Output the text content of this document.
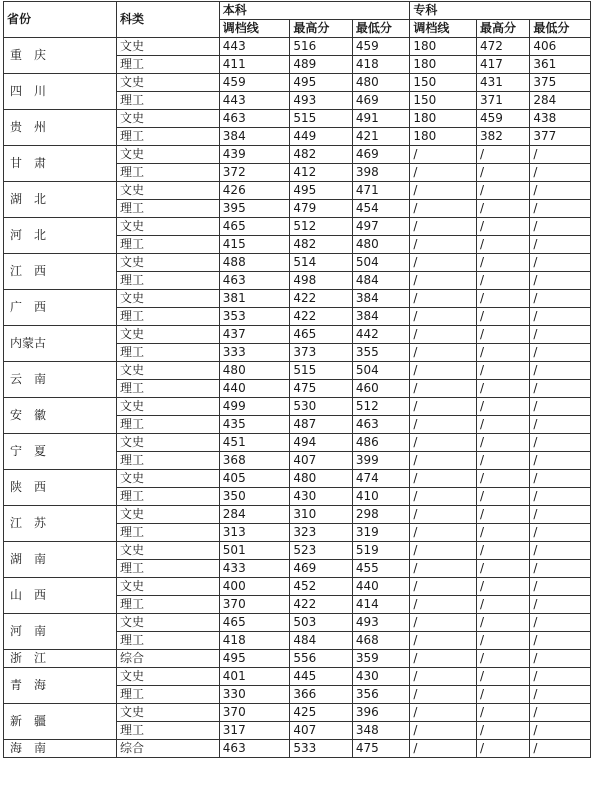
省份	科类	本科			专科		
		调档线	最高分	最低分	调档线	最高分	最低分
重　庆	文史	443	516	459	180	472	406
	理工	411	489	418	180	417	361
四　川	文史	459	495	480	150	431	375
	理工	443	493	469	150	371	284
贵　州	文史	463	515	491	180	459	438
	理工	384	449	421	180	382	377
甘　肃	文史	439	482	469	/	/	/
	理工	372	412	398	/	/	/
湖　北	文史	426	495	471	/	/	/
	理工	395	479	454	/	/	/
河　北	文史	465	512	497	/	/	/
	理工	415	482	480	/	/	/
江　西	文史	488	514	504	/	/	/
	理工	463	498	484	/	/	/
广　西	文史	381	422	384	/	/	/
	理工	353	422	384	/	/	/
内蒙古	文史	437	465	442	/	/	/
	理工	333	373	355	/	/	/
云　南	文史	480	515	504	/	/	/
	理工	440	475	460	/	/	/
安　徽	文史	499	530	512	/	/	/
	理工	435	487	463	/	/	/
宁　夏	文史	451	494	486	/	/	/
	理工	368	407	399	/	/	/
陕　西	文史	405	480	474	/	/	/
	理工	350	430	410	/	/	/
江　苏	文史	284	310	298	/	/	/
	理工	313	323	319	/	/	/
湖　南	文史	501	523	519	/	/	/
	理工	433	469	455	/	/	/
山　西	文史	400	452	440	/	/	/
	理工	370	422	414	/	/	/
河　南	文史	465	503	493	/	/	/
	理工	418	484	468	/	/	/
浙　江	综合	495	556	359	/	/	/
青　海	文史	401	445	430	/	/	/
	理工	330	366	356	/	/	/
新　疆	文史	370	425	396	/	/	/
	理工	317	407	348	/	/	/
海　南	综合	463	533	475	/	/	/
